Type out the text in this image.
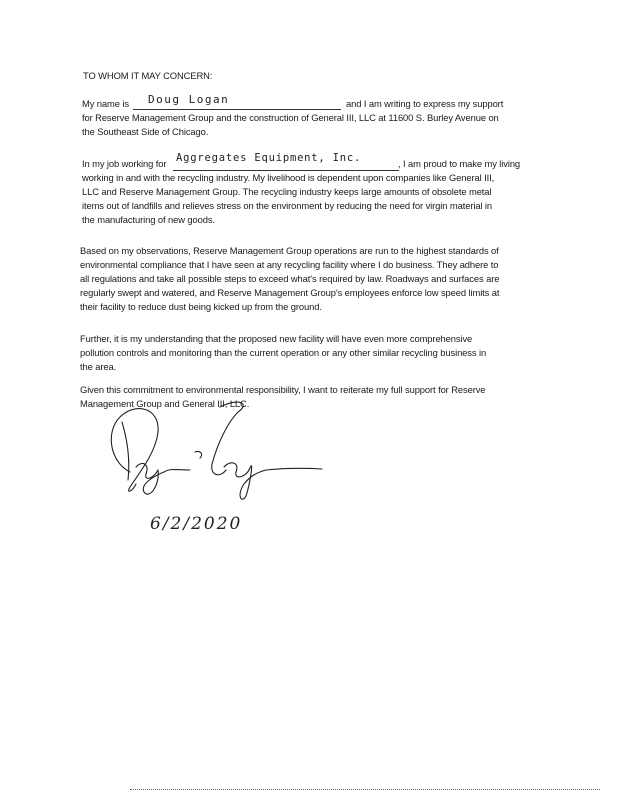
TO WHOM IT MAY CONCERN:
My name is Doug Logan	and I am writing to express my support
for Reserve Management Group and the construction of General III, LLC at 11600 S. Burley Avenue on
the Southeast Side of Chicago.
In my job working for Aggregates Equipment, Inc.	, I am proud to make my living
working in and with the recycling industry. My livelihood is dependent upon companies like General III,
LLC and Reserve Management Group. The recycling industry keeps large amounts of obsolete metal
items out of landfills and relieves stress on the environment by reducing the need for virgin material in
the manufacturing of new goods.
Based on my observations, Reserve Management Group operations are run to the highest standards of
environmental compliance that I have seen at any recycling facility where I do business. They adhere to
all regulations and take all possible steps to exceed what's required by law. Roadways and surfaces are
regularly swept and watered, and Reserve Management Group's employees enforce low speed limits at
their facility to reduce dust being kicked up from the ground.
Further, it is my understanding that the proposed new facility will have even more comprehensive
pollution controls and monitoring than the current operation or any other similar recycling business in
the area.
Given this commitment to environmental responsibility, I want to reiterate my full support for Reserve
Management Group and General III, LLC.
6/2/2020
